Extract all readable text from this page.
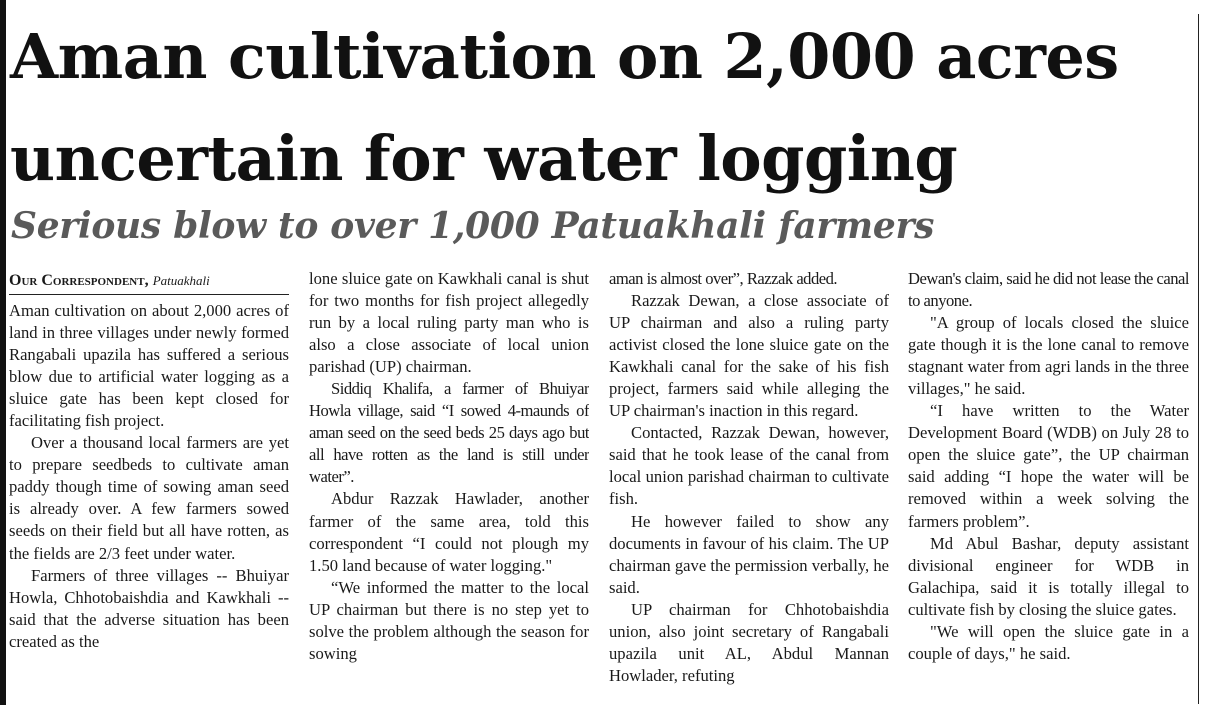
Aman cultivation on 2,000 acres
uncertain for water logging
Serious blow to over 1,000 Patuakhali farmers
Our Correspondent, Patuakhali

Aman cultivation on about 2,000 acres of land in three villages under newly formed Rangabali upazila has suffered a serious blow due to artificial water logging as a sluice gate has been kept closed for facilitating fish project.

Over a thousand local farmers are yet to prepare seedbeds to cultivate aman paddy though time of sowing aman seed is already over. A few farmers sowed seeds on their field but all have rotten, as the fields are 2/3 feet under water.

Farmers of three villages -- Bhuiyar Howla, Chhotobaishdia and Kawkhali -- said that the adverse situation has been created as the

lone sluice gate on Kawkhali canal is shut for two months for fish project allegedly run by a local ruling party man who is also a close associate of local union parishad (UP) chairman.

Siddiq Khalifa, a farmer of Bhuiyar Howla village, said “I sowed 4-maunds of aman seed on the seed beds 25 days ago but all have rotten as the land is still under water”.

Abdur Razzak Hawlader, another farmer of the same area, told this correspondent “I could not plough my 1.50 land because of water logging."

“We informed the matter to the local UP chairman but there is no step yet to solve the problem although the season for sowing

aman is almost over”, Razzak added.

Razzak Dewan, a close associate of UP chairman and also a ruling party activist closed the lone sluice gate on the Kawkhali canal for the sake of his fish project, farmers said while alleging the UP chairman's inaction in this regard.

Contacted, Razzak Dewan, however, said that he took lease of the canal from local union parishad chairman to cultivate fish.

He however failed to show any documents in favour of his claim. The UP chairman gave the permission verbally, he said.

UP chairman for Chhotobaishdia union, also joint secretary of Rangabali upazila unit AL, Abdul Mannan Howlader, refuting

Dewan's claim, said he did not lease the canal to anyone.

"A group of locals closed the sluice gate though it is the lone canal to remove stagnant water from agri lands in the three villages," he said.

“I have written to the Water Development Board (WDB) on July 28 to open the sluice gate”, the UP chairman said adding “I hope the water will be removed within a week solving the farmers problem”.

Md Abul Bashar, deputy assistant divisional engineer for WDB in Galachipa, said it is totally illegal to cultivate fish by closing the sluice gates.

"We will open the sluice gate in a couple of days," he said.
